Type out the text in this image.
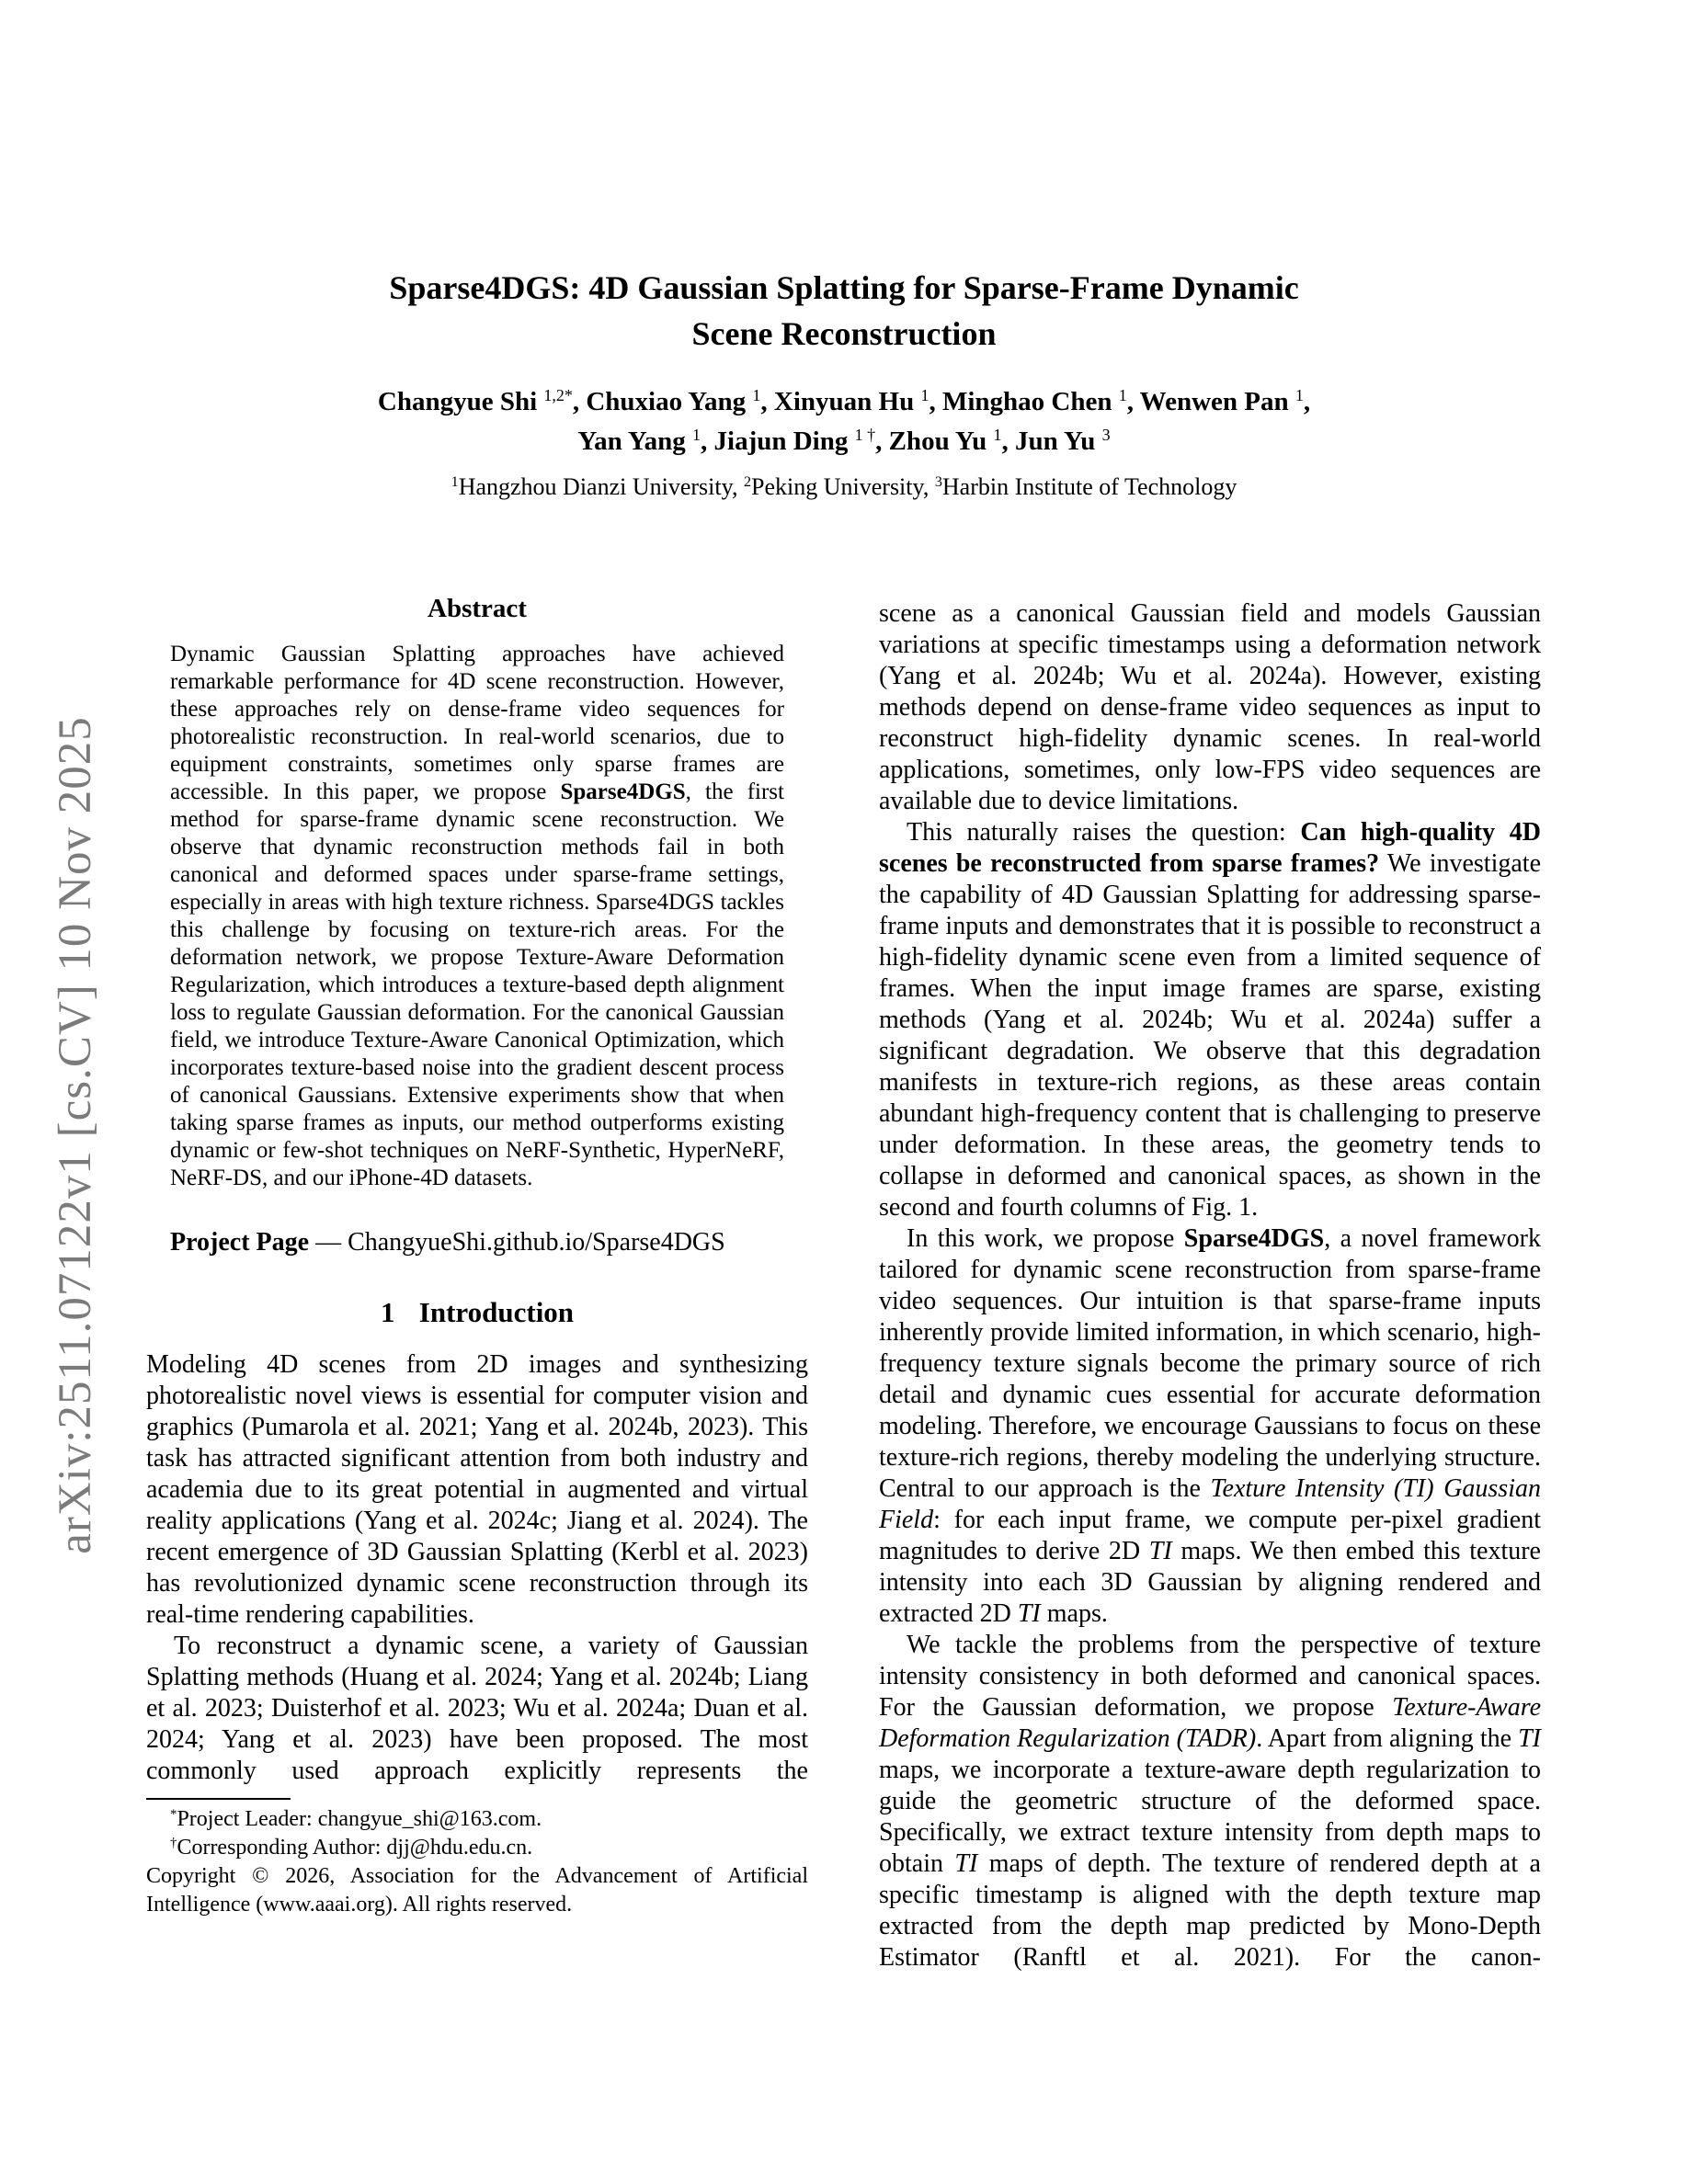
arXiv:2511.07122v1 [cs.CV] 10 Nov 2025
Sparse4DGS: 4D Gaussian Splatting for Sparse-Frame Dynamic
Scene Reconstruction
Changyue Shi $^{1,2*}$, Chuxiao Yang $^1$, Xinyuan Hu $^1$, Minghao Chen $^1$, Wenwen Pan $^1$,
Yan Yang $^1$, Jiajun Ding $^{1 \dagger}$, Zhou Yu $^1$, Jun Yu $^3$
$^1$Hangzhou Dianzi University, $^2$Peking University, $^3$Harbin Institute of Technology
Abstract

Dynamic Gaussian Splatting approaches have achieved remarkable performance for 4D scene reconstruction. However, these approaches rely on dense-frame video sequences for photorealistic reconstruction. In real-world scenarios, due to equipment constraints, sometimes only sparse frames are accessible. In this paper, we propose Sparse4DGS, the first method for sparse-frame dynamic scene reconstruction. We observe that dynamic reconstruction methods fail in both canonical and deformed spaces under sparse-frame settings, especially in areas with high texture richness. Sparse4DGS tackles this challenge by focusing on texture-rich areas. For the deformation network, we propose Texture-Aware Deformation Regularization, which introduces a texture-based depth alignment loss to regulate Gaussian deformation. For the canonical Gaussian field, we introduce Texture-Aware Canonical Optimization, which incorporates texture-based noise into the gradient descent process of canonical Gaussians. Extensive experiments show that when taking sparse frames as inputs, our method outperforms existing dynamic or few-shot techniques on NeRF-Synthetic, HyperNeRF, NeRF-DS, and our iPhone-4D datasets.

Project Page — ChangyueShi.github.io/Sparse4DGS
1 Introduction

Modeling 4D scenes from 2D images and synthesizing photorealistic novel views is essential for computer vision and graphics (Pumarola et al. 2021; Yang et al. 2024b, 2023). This task has attracted significant attention from both industry and academia due to its great potential in augmented and virtual reality applications (Yang et al. 2024c; Jiang et al. 2024). The recent emergence of 3D Gaussian Splatting (Kerbl et al. 2023) has revolutionized dynamic scene reconstruction through its real-time rendering capabilities.

To reconstruct a dynamic scene, a variety of Gaussian Splatting methods (Huang et al. 2024; Yang et al. 2024b; Liang et al. 2023; Duisterhof et al. 2023; Wu et al. 2024a; Duan et al. 2024; Yang et al. 2023) have been proposed. The most commonly used approach explicitly represents the

*Project Leader: changyue_shi@163.com.

†Corresponding Author: djj@hdu.edu.cn.

Copyright © 2026, Association for the Advancement of Artificial Intelligence (www.aaai.org). All rights reserved.

scene as a canonical Gaussian field and models Gaussian variations at specific timestamps using a deformation network (Yang et al. 2024b; Wu et al. 2024a). However, existing methods depend on dense-frame video sequences as input to reconstruct high-fidelity dynamic scenes. In real-world applications, sometimes, only low-FPS video sequences are available due to device limitations.

This naturally raises the question: Can high-quality 4D scenes be reconstructed from sparse frames? We investigate the capability of 4D Gaussian Splatting for addressing sparse-frame inputs and demonstrates that it is possible to reconstruct a high-fidelity dynamic scene even from a limited sequence of frames. When the input image frames are sparse, existing methods (Yang et al. 2024b; Wu et al. 2024a) suffer a significant degradation. We observe that this degradation manifests in texture-rich regions, as these areas contain abundant high-frequency content that is challenging to preserve under deformation. In these areas, the geometry tends to collapse in deformed and canonical spaces, as shown in the second and fourth columns of Fig. 1.

In this work, we propose Sparse4DGS, a novel framework tailored for dynamic scene reconstruction from sparse-frame video sequences. Our intuition is that sparse-frame inputs inherently provide limited information, in which scenario, high-frequency texture signals become the primary source of rich detail and dynamic cues essential for accurate deformation modeling. Therefore, we encourage Gaussians to focus on these texture-rich regions, thereby modeling the underlying structure. Central to our approach is the Texture Intensity (TI) Gaussian Field: for each input frame, we compute per-pixel gradient magnitudes to derive 2D TI maps. We then embed this texture intensity into each 3D Gaussian by aligning rendered and extracted 2D TI maps.

We tackle the problems from the perspective of texture intensity consistency in both deformed and canonical spaces. For the Gaussian deformation, we propose Texture-Aware Deformation Regularization (TADR). Apart from aligning the TI maps, we incorporate a texture-aware depth regularization to guide the geometric structure of the deformed space. Specifically, we extract texture intensity from depth maps to obtain TI maps of depth. The texture of rendered depth at a specific timestamp is aligned with the depth texture map extracted from the depth map predicted by Mono-Depth Estimator (Ranftl et al. 2021). For the canon-
